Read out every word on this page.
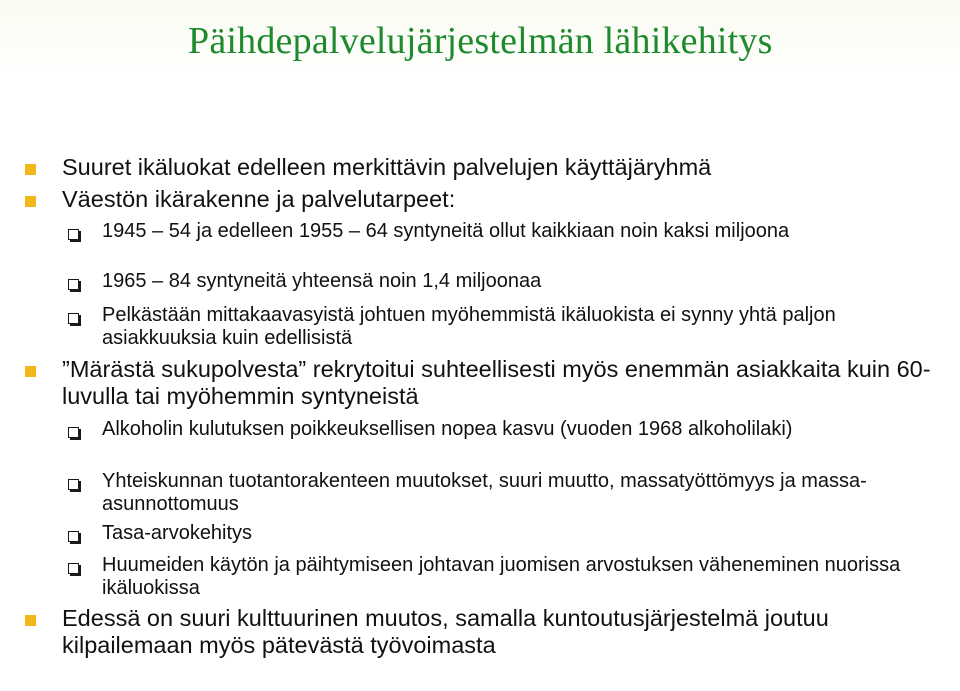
Päihdepalvelujärjestelmän lähikehitys
Suuret ikäluokat edelleen merkittävin palvelujen käyttäjäryhmä
Väestön ikärakenne ja palvelutarpeet:
1945 – 54 ja edelleen 1955 – 64 syntyneitä ollut kaikkiaan noin kaksi miljoona
1965 – 84 syntyneitä yhteensä noin 1,4 miljoonaa
Pelkästään mittakaavasyistä johtuen myöhemmistä ikäluokista ei synny yhtä paljon asiakkuuksia kuin edellisistä
”Märästä sukupolvesta” rekrytoitui suhteellisesti myös enemmän asiakkaita kuin 60-luvulla tai myöhemmin syntyneistä
Alkoholin kulutuksen poikkeuksellisen nopea kasvu (vuoden 1968 alkoholilaki)
Yhteiskunnan tuotantorakenteen muutokset, suuri muutto, massatyöttömyys ja massa-asunnottomuus
Tasa-arvokehitys
Huumeiden käytön ja päihtymiseen johtavan juomisen arvostuksen väheneminen nuorissa ikäluokissa
Edessä on suuri kulttuurinen muutos, samalla kuntoutusjärjestelmä joutuu kilpailemaan myös pätevästä työvoimasta
